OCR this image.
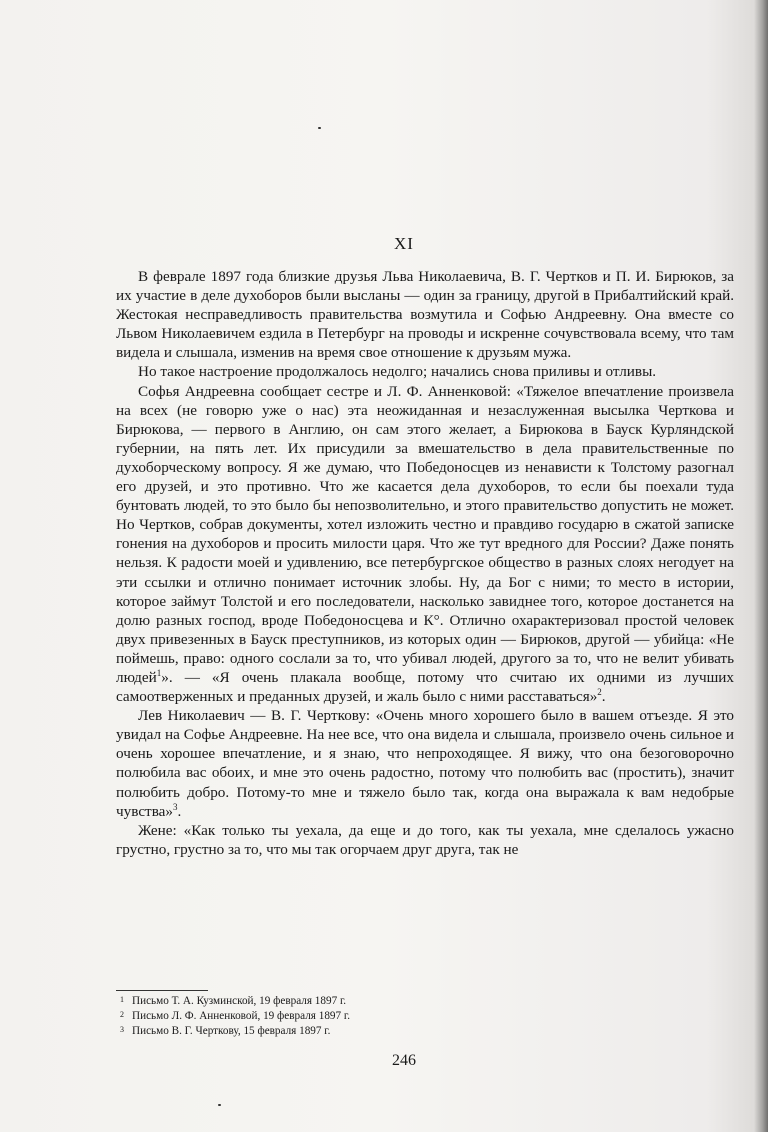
XI

В феврале 1897 года близкие друзья Льва Николаевича, В. Г. Чертков и П. И. Бирюков, за их участие в деле духоборов были высланы — один за границу, другой в Прибалтийский край. Жестокая несправедливость правительства возмутила и Софью Андреевну. Она вместе со Львом Николаевичем ездила в Петербург на проводы и искренне сочувствовала всему, что там видела и слышала, изменив на время свое отношение к друзьям мужа.

Но такое настроение продолжалось недолго; начались снова приливы и отливы.

Софья Андреевна сообщает сестре и Л. Ф. Анненковой: «Тяжелое впечатление произвела на всех (не говорю уже о нас) эта неожиданная и незаслуженная высылка Черткова и Бирюкова, — первого в Англию, он сам этого желает, а Бирюкова в Бауск Курляндской губернии, на пять лет. Их присудили за вмешательство в дела правительственные по духоборческому вопросу. Я же думаю, что Победоносцев из ненависти к Толстому разогнал его друзей, и это противно. Что же касается дела духоборов, то если бы поехали туда бунтовать людей, то это было бы непозволительно, и этого правительство допустить не может. Но Чертков, собрав документы, хотел изложить честно и правдиво государю в сжатой записке гонения на духоборов и просить милости царя. Что же тут вредного для России? Даже понять нельзя. К радости моей и удивлению, все петербургское общество в разных слоях негодует на эти ссылки и отлично понимает источник злобы. Ну, да Бог с ними; то место в истории, которое займут Толстой и его последователи, насколько завиднее того, которое достанется на долю разных господ, вроде Победоносцева и К°. Отлично охарактеризовал простой человек двух привезенных в Бауск преступников, из которых один — Бирюков, другой — убийца: «Не поймешь, право: одного сослали за то, что убивал людей, другого за то, что не велит убивать людей$^1$». — «Я очень плакала вообще, потому что считаю их одними из лучших самоотверженных и преданных друзей, и жаль было с ними расставаться»$^2$.

Лев Николаевич — В. Г. Черткову: «Очень много хорошего было в вашем отъезде. Я это увидал на Софье Андреевне. На нее все, что она видела и слышала, произвело очень сильное и очень хорошее впечатление, и я знаю, что непроходящее. Я вижу, что она безоговорочно полюбила вас обоих, и мне это очень радостно, потому что полюбить вас (простить), значит полюбить добро. Потому-то мне и тяжело было так, когда она выражала к вам недобрые чувства»$^3$.

Жене: «Как только ты уехала, да еще и до того, как ты уехала, мне сделалось ужасно грустно, грустно за то, что мы так огорчаем друг друга, так не

1 Письмо Т. А. Кузминской, 19 февраля 1897 г.
2 Письмо Л. Ф. Анненковой, 19 февраля 1897 г.
3 Письмо В. Г. Черткову, 15 февраля 1897 г.
246
